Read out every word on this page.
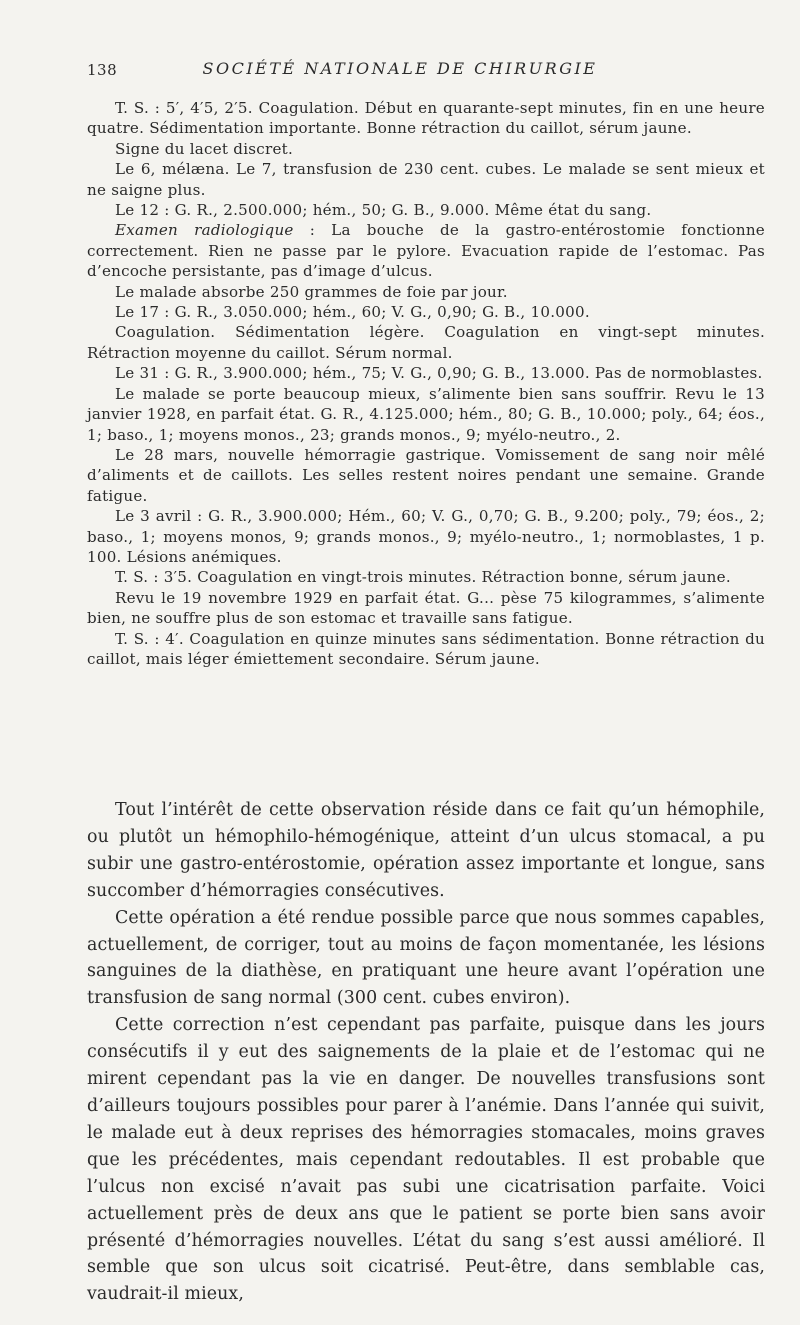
138	SOCIÉTÉ NATIONALE DE CHIRURGIE

T. S. : 5′, 4′5, 2′5. Coagulation. Début en quarante-sept minutes, fin en une heure quatre. Sédimentation importante. Bonne rétraction du caillot, sérum jaune.

Signe du lacet discret.

Le 6, mélæna. Le 7, transfusion de 230 cent. cubes. Le malade se sent mieux et ne saigne plus.

Le 12 : G. R., 2.500.000; hém., 50; G. B., 9.000. Même état du sang.

Examen radiologique : La bouche de la gastro-entérostomie fonctionne correctement. Rien ne passe par le pylore. Evacuation rapide de l’estomac. Pas d’encoche persistante, pas d’image d’ulcus.

Le malade absorbe 250 grammes de foie par jour.

Le 17 : G. R., 3.050.000; hém., 60; V. G., 0,90; G. B., 10.000.

Coagulation. Sédimentation légère. Coagulation en vingt-sept minutes. Rétraction moyenne du caillot. Sérum normal.

Le 31 : G. R., 3.900.000; hém., 75; V. G., 0,90; G. B., 13.000. Pas de normoblastes.

Le malade se porte beaucoup mieux, s’alimente bien sans souffrir. Revu le 13 janvier 1928, en parfait état. G. R., 4.125.000; hém., 80; G. B., 10.000; poly., 64; éos., 1; baso., 1; moyens monos., 23; grands monos., 9; myélo-neutro., 2.

Le 28 mars, nouvelle hémorragie gastrique. Vomissement de sang noir mêlé d’aliments et de caillots. Les selles restent noires pendant une semaine. Grande fatigue.

Le 3 avril : G. R., 3.900.000; Hém., 60; V. G., 0,70; G. B., 9.200; poly., 79; éos., 2; baso., 1; moyens monos, 9; grands monos., 9; myélo-neutro., 1; normoblastes, 1 p. 100. Lésions anémiques.

T. S. : 3′5. Coagulation en vingt-trois minutes. Rétraction bonne, sérum jaune.

Revu le 19 novembre 1929 en parfait état. G... pèse 75 kilogrammes, s’alimente bien, ne souffre plus de son estomac et travaille sans fatigue.

T. S. : 4′. Coagulation en quinze minutes sans sédimentation. Bonne rétraction du caillot, mais léger émiettement secondaire. Sérum jaune.

Tout l’intérêt de cette observation réside dans ce fait qu’un hémophile, ou plutôt un hémophilo-hémogénique, atteint d’un ulcus stomacal, a pu subir une gastro-entérostomie, opération assez importante et longue, sans succomber d’hémorragies consécutives.

Cette opération a été rendue possible parce que nous sommes capables, actuellement, de corriger, tout au moins de façon momentanée, les lésions sanguines de la diathèse, en pratiquant une heure avant l’opération une transfusion de sang normal (300 cent. cubes environ).

Cette correction n’est cependant pas parfaite, puisque dans les jours consécutifs il y eut des saignements de la plaie et de l’estomac qui ne mirent cependant pas la vie en danger. De nouvelles transfusions sont d’ailleurs toujours possibles pour parer à l’anémie. Dans l’année qui suivit, le malade eut à deux reprises des hémorragies stomacales, moins graves que les précédentes, mais cependant redoutables. Il est probable que l’ulcus non excisé n’avait pas subi une cicatrisation parfaite. Voici actuellement près de deux ans que le patient se porte bien sans avoir présenté d’hémorragies nouvelles. L’état du sang s’est aussi amélioré. Il semble que son ulcus soit cicatrisé. Peut-être, dans semblable cas, vaudrait-il mieux,
